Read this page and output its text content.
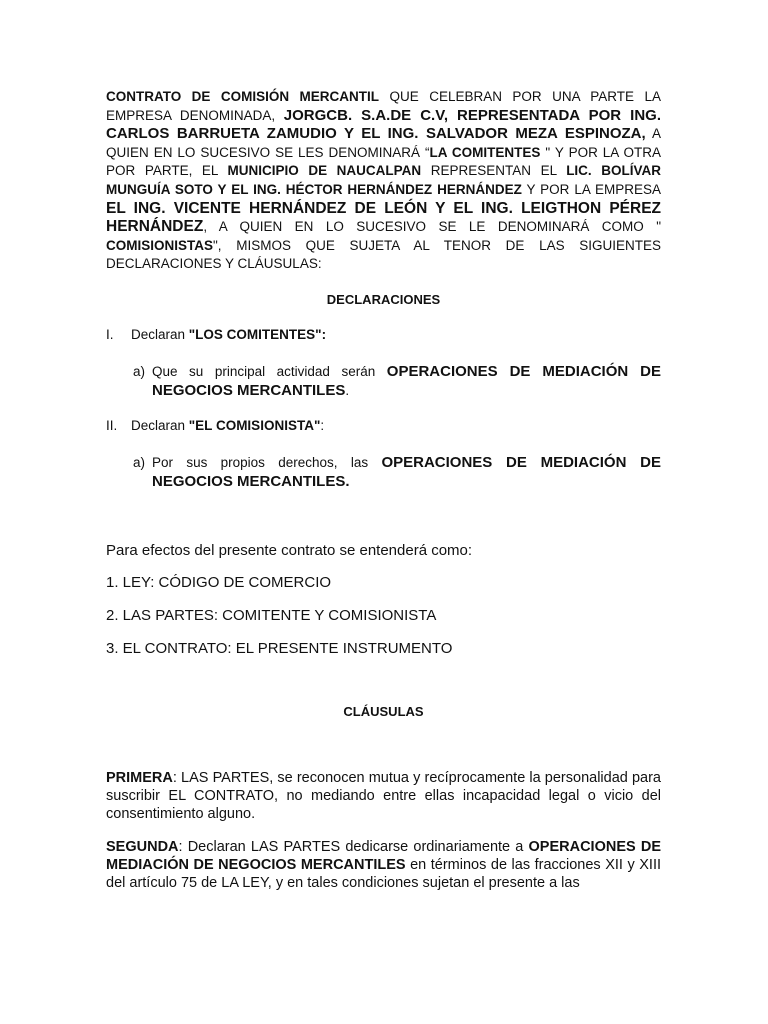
CONTRATO DE COMISIÓN MERCANTIL QUE CELEBRAN POR UNA PARTE LA EMPRESA DENOMINADA, JORGCB. S.A.DE C.V, REPRESENTADA POR ING. CARLOS BARRUETA ZAMUDIO Y EL ING. SALVADOR MEZA ESPINOZA, A QUIEN EN LO SUCESIVO SE LES DENOMINARÁ “LA COMITENTES " Y POR LA OTRA POR PARTE, EL MUNICIPIO DE NAUCALPAN REPRESENTAN EL LIC. BOLÍVAR MUNGUÍA SOTO Y EL ING. HÉCTOR HERNÁNDEZ HERNÁNDEZ Y POR LA EMPRESA EL ING. VICENTE HERNÁNDEZ DE LEÓN Y EL ING. LEIGTHON PÉREZ HERNÁNDEZ, A QUIEN EN LO SUCESIVO SE LE DENOMINARÁ COMO " COMISIONISTAS", MISMOS QUE SUJETA AL TENOR DE LAS SIGUIENTES DECLARACIONES Y CLÁUSULAS:

DECLARACIONES

I. Declaran "LOS COMITENTES":

a) Que su principal actividad serán OPERACIONES DE MEDIACIÓN DE NEGOCIOS MERCANTILES.

II. Declaran "EL COMISIONISTA":

a) Por sus propios derechos, las OPERACIONES DE MEDIACIÓN DE NEGOCIOS MERCANTILES.

Para efectos del presente contrato se entenderá como:

1. LEY: CÓDIGO DE COMERCIO

2. LAS PARTES: COMITENTE Y COMISIONISTA

3. EL CONTRATO: EL PRESENTE INSTRUMENTO

CLÁUSULAS

PRIMERA: LAS PARTES, se reconocen mutua y recíprocamente la personalidad para suscribir EL CONTRATO, no mediando entre ellas incapacidad legal o vicio del consentimiento alguno.

SEGUNDA: Declaran LAS PARTES dedicarse ordinariamente a OPERACIONES DE MEDIACIÓN DE NEGOCIOS MERCANTILES en términos de las fracciones XII y XIII del artículo 75 de LA LEY, y en tales condiciones sujetan el presente a las
